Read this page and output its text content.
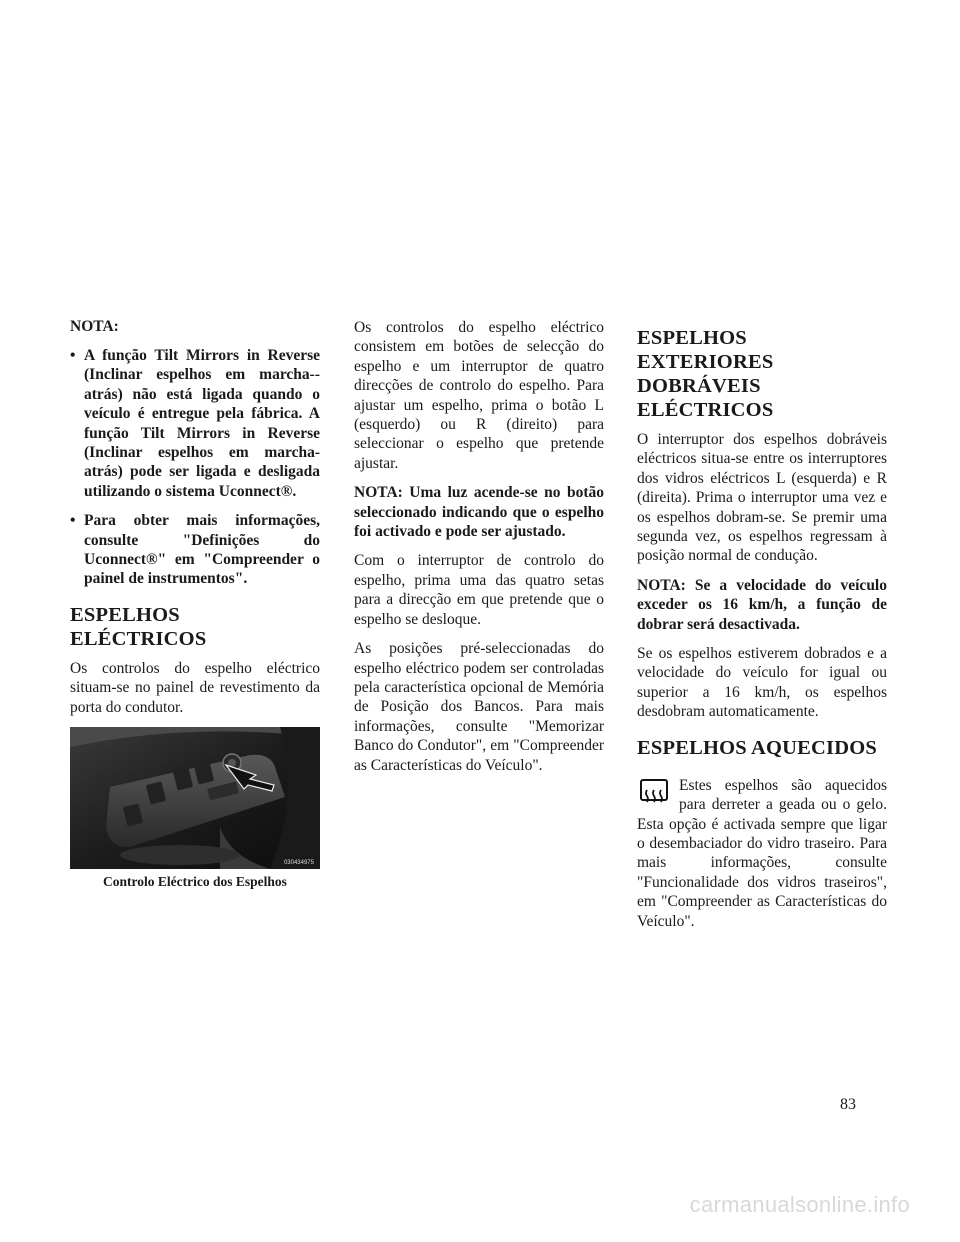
NOTA:
• A função Tilt Mirrors in Reverse (Inclinar espelhos em marcha--atrás) não está ligada quando o veículo é entregue pela fábrica. A função Tilt Mirrors in Reverse (Inclinar espelhos em marcha-atrás) pode ser ligada e desligada utilizando o sistema Uconnect®.
• Para obter mais informações, consulte "Definições do Uconnect®" em "Compreender o painel de instrumentos".
ESPELHOS ELÉCTRICOS

Os controlos do espelho eléctrico situam-se no painel de revestimento da porta do condutor.

030434975
Controlo Eléctrico dos Espelhos

Os controlos do espelho eléctrico consistem em botões de selecção do espelho e um interruptor de quatro direcções de controlo do espelho. Para ajustar um espelho, prima o botão L (esquerdo) ou R (direito) para seleccionar o espelho que pretende ajustar.

NOTA: Uma luz acende-se no botão seleccionado indicando que o espelho foi activado e pode ser ajustado.

Com o interruptor de controlo do espelho, prima uma das quatro setas para a direcção em que pretende que o espelho se desloque.

As posições pré-seleccionadas do espelho eléctrico podem ser controladas pela característica opcional de Memória de Posição dos Bancos. Para mais informações, consulte "Memorizar Banco do Condutor", em "Compreender as Características do Veículo".

ESPELHOS EXTERIORES DOBRÁVEIS ELÉCTRICOS

O interruptor dos espelhos dobráveis eléctricos situa-se entre os interruptores dos vidros eléctricos L (esquerda) e R (direita). Prima o interruptor uma vez e os espelhos dobram-se. Se premir uma segunda vez, os espelhos regressam à posição normal de condução.

NOTA: Se a velocidade do veículo exceder os 16 km/h, a função de dobrar será desactivada.

Se os espelhos estiverem dobrados e a velocidade do veículo for igual ou superior a 16 km/h, os espelhos desdobram automaticamente.

ESPELHOS AQUECIDOS

Estes espelhos são aquecidos para derreter a geada ou o gelo. Esta opção é activada sempre que ligar o desembaciador do vidro traseiro. Para mais informações, consulte "Funcionalidade dos vidros traseiros", em "Compreender as Características do Veículo".

83
carmanualsonline.info
